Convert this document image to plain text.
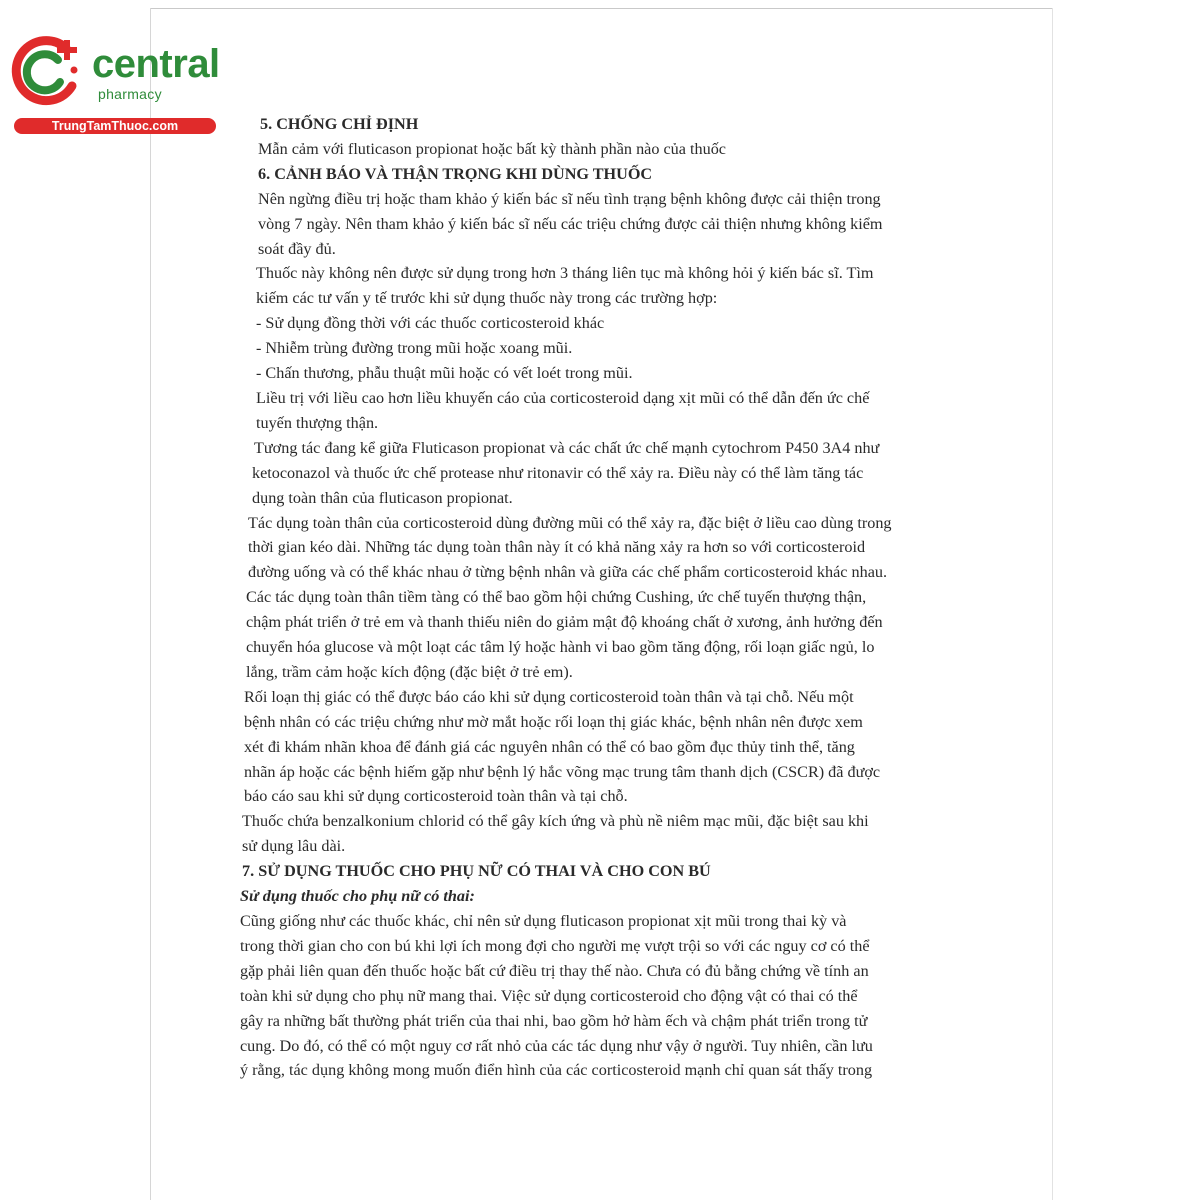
central
pharmacy
TrungTamThuoc.com	5. CHỐNG CHỈ ĐỊNH
Mẫn cảm với fluticason propionat hoặc bất kỳ thành phần nào của thuốc
6. CẢNH BÁO VÀ THẬN TRỌNG KHI DÙNG THUỐC
Nên ngừng điều trị hoặc tham khảo ý kiến bác sĩ nếu tình trạng bệnh không được cải thiện trong
vòng 7 ngày. Nên tham khảo ý kiến bác sĩ nếu các triệu chứng được cải thiện nhưng không kiểm
soát đầy đủ.
Thuốc này không nên được sử dụng trong hơn 3 tháng liên tục mà không hỏi ý kiến bác sĩ. Tìm
kiếm các tư vấn y tế trước khi sử dụng thuốc này trong các trường hợp:
- Sử dụng đồng thời với các thuốc corticosteroid khác
- Nhiễm trùng đường trong mũi hoặc xoang mũi.
- Chấn thương, phẫu thuật mũi hoặc có vết loét trong mũi.
Liều trị với liều cao hơn liều khuyến cáo của corticosteroid dạng xịt mũi có thể dẫn đến ức chế
tuyến thượng thận.
Tương tác đang kể giữa Fluticason propionat và các chất ức chế mạnh cytochrom P450 3A4 như
ketoconazol và thuốc ức chế protease như ritonavir có thể xảy ra. Điều này có thể làm tăng tác
dụng toàn thân của fluticason propionat.
Tác dụng toàn thân của corticosteroid dùng đường mũi có thể xảy ra, đặc biệt ở liều cao dùng trong
thời gian kéo dài. Những tác dụng toàn thân này ít có khả năng xảy ra hơn so với corticosteroid
đường uống và có thể khác nhau ở từng bệnh nhân và giữa các chế phẩm corticosteroid khác nhau.
Các tác dụng toàn thân tiềm tàng có thể bao gồm hội chứng Cushing, ức chế tuyến thượng thận,
chậm phát triển ở trẻ em và thanh thiếu niên do giảm mật độ khoáng chất ở xương, ảnh hưởng đến
chuyển hóa glucose và một loạt các tâm lý hoặc hành vi bao gồm tăng động, rối loạn giấc ngủ, lo
lắng, trầm cảm hoặc kích động (đặc biệt ở trẻ em).
Rối loạn thị giác có thể được báo cáo khi sử dụng corticosteroid toàn thân và tại chỗ. Nếu một
bệnh nhân có các triệu chứng như mờ mắt hoặc rối loạn thị giác khác, bệnh nhân nên được xem
xét đi khám nhãn khoa để đánh giá các nguyên nhân có thể có bao gồm đục thủy tinh thể, tăng
nhãn áp hoặc các bệnh hiếm gặp như bệnh lý hắc võng mạc trung tâm thanh dịch (CSCR) đã được
báo cáo sau khi sử dụng corticosteroid toàn thân và tại chỗ.
Thuốc chứa benzalkonium chlorid có thể gây kích ứng và phù nề niêm mạc mũi, đặc biệt sau khi
sử dụng lâu dài.
7. SỬ DỤNG THUỐC CHO PHỤ NỮ CÓ THAI VÀ CHO CON BÚ
Sử dụng thuốc cho phụ nữ có thai:
Cũng giống như các thuốc khác, chỉ nên sử dụng fluticason propionat xịt mũi trong thai kỳ và
trong thời gian cho con bú khi lợi ích mong đợi cho người mẹ vượt trội so với các nguy cơ có thể
gặp phải liên quan đến thuốc hoặc bất cứ điều trị thay thế nào. Chưa có đủ bằng chứng về tính an
toàn khi sử dụng cho phụ nữ mang thai. Việc sử dụng corticosteroid cho động vật có thai có thể
gây ra những bất thường phát triển của thai nhi, bao gồm hở hàm ếch và chậm phát triển trong tử
cung. Do đó, có thể có một nguy cơ rất nhỏ của các tác dụng như vậy ở người. Tuy nhiên, cần lưu
ý rằng, tác dụng không mong muốn điển hình của các corticosteroid mạnh chỉ quan sát thấy trong
